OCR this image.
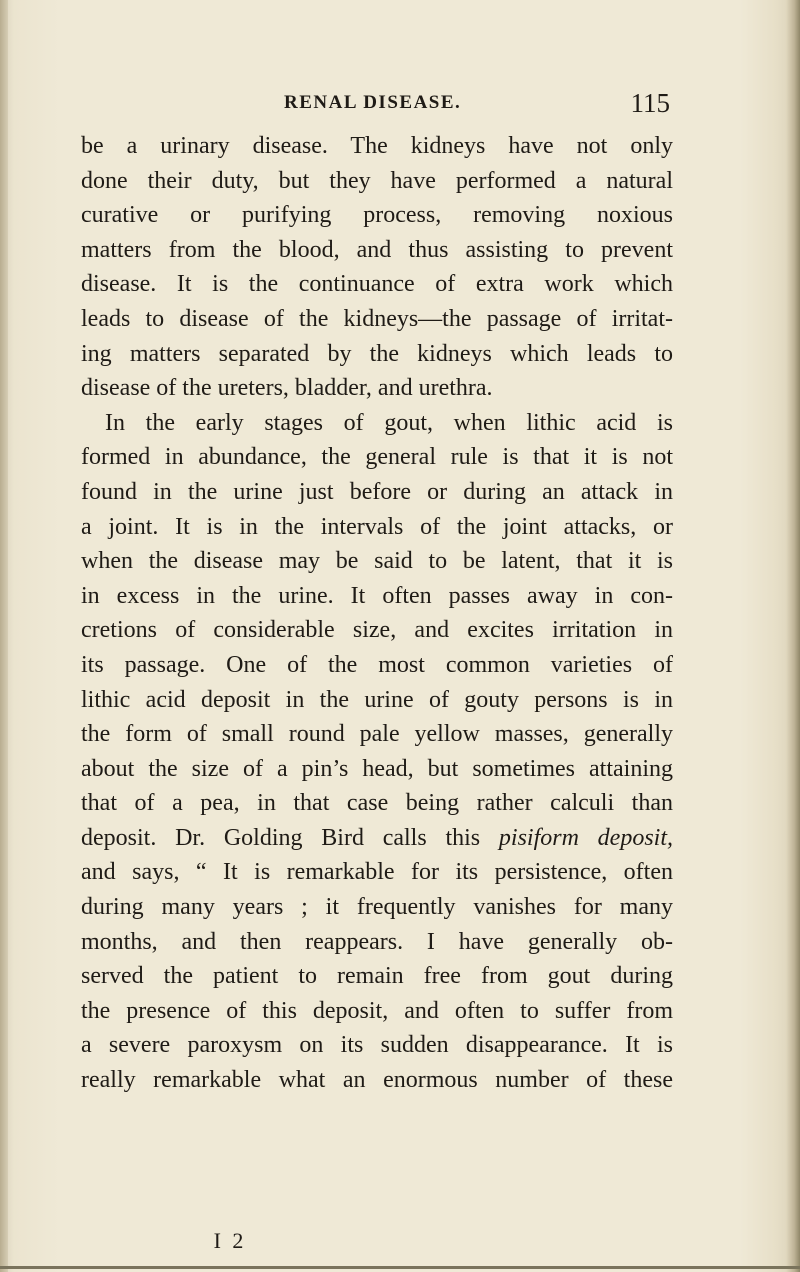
RENAL DISEASE.	115
be a urinary disease. The kidneys have not only
done their duty, but they have performed a natural
curative or purifying process, removing noxious
matters from the blood, and thus assisting to prevent
disease. It is the continuance of extra work which
leads to disease of the kidneys—the passage of irritat-
ing matters separated by the kidneys which leads to
disease of the ureters, bladder, and urethra.
In the early stages of gout, when lithic acid is
formed in abundance, the general rule is that it is not
found in the urine just before or during an attack in
a joint. It is in the intervals of the joint attacks, or
when the disease may be said to be latent, that it is
in excess in the urine. It often passes away in con-
cretions of considerable size, and excites irritation in
its passage. One of the most common varieties of
lithic acid deposit in the urine of gouty persons is in
the form of small round pale yellow masses, generally
about the size of a pin’s head, but sometimes attaining
that of a pea, in that case being rather calculi than
deposit. Dr. Golding Bird calls this pisiform deposit,
and says, “ It is remarkable for its persistence, often
during many years ; it frequently vanishes for many
months, and then reappears. I have generally ob-
served the patient to remain free from gout during
the presence of this deposit, and often to suffer from
a severe paroxysm on its sudden disappearance. It is
really remarkable what an enormous number of these
I 2
